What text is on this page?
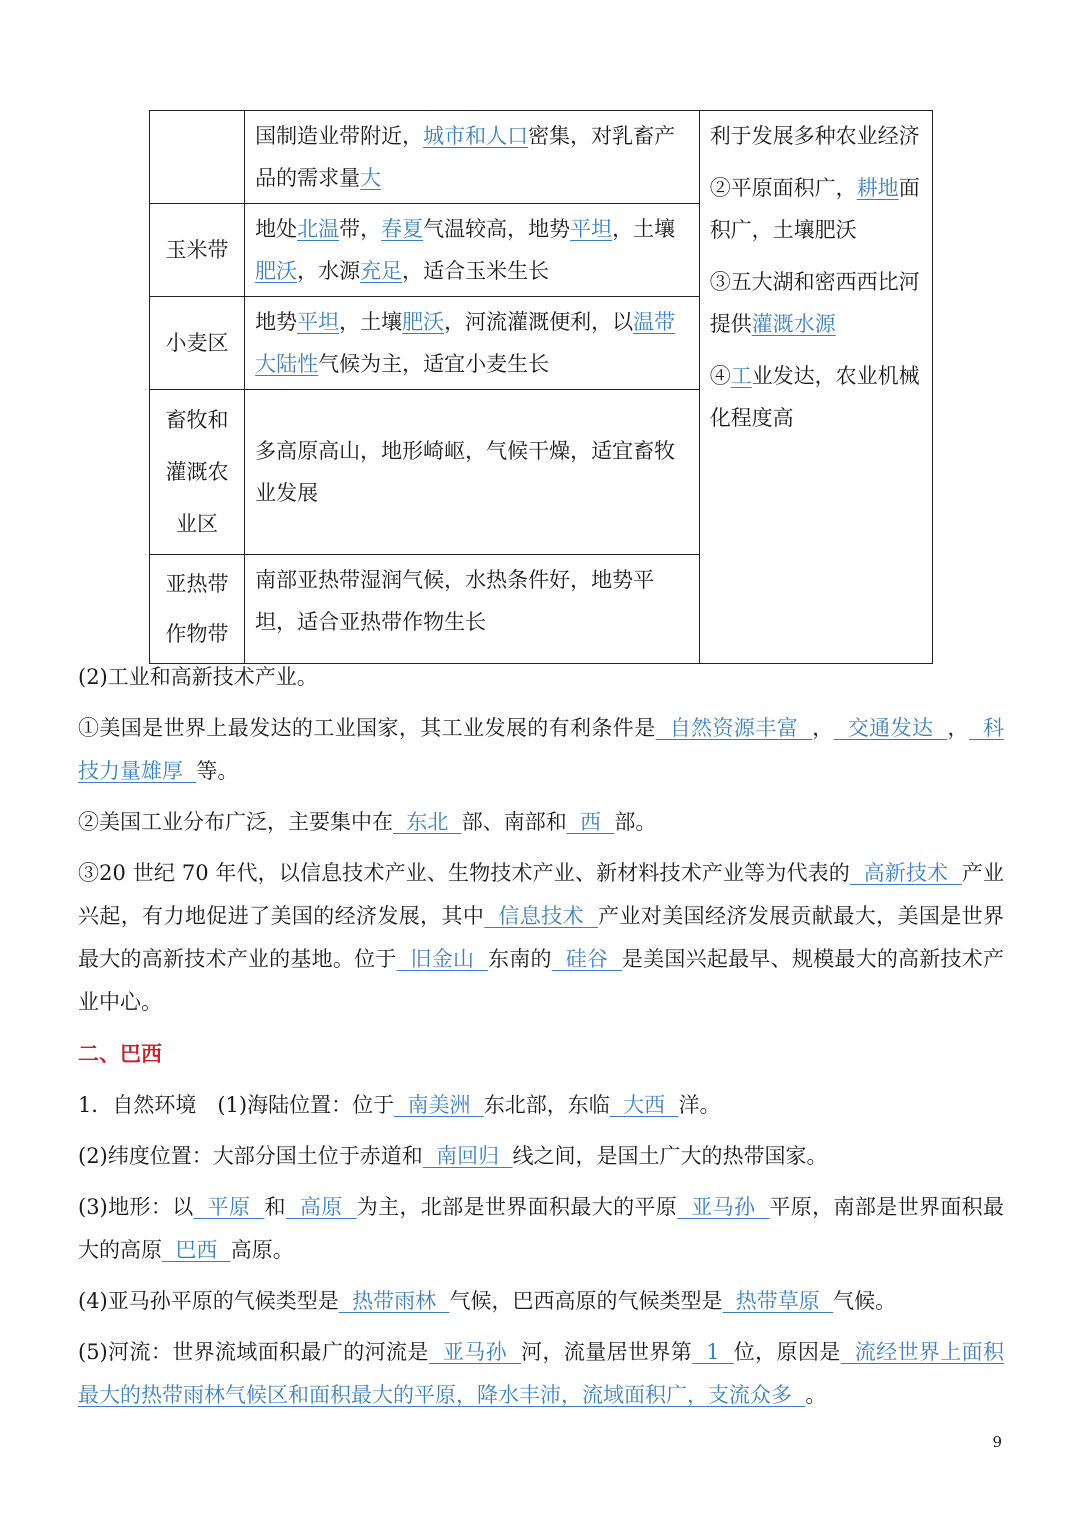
	国制造业带附近，城市和人口密集，对乳畜产品的需求量大	利于发展多种农业经济

②平原面积广，耕地面积广，土壤肥沃

③五大湖和密西西比河提供灌溉水源

④工业发达，农业机械化程度高

玉米带	地处北温带，春夏气温较高，地势平坦，土壤肥沃，水源充足，适合玉米生长	
小麦区	地势平坦，土壤肥沃，河流灌溉便利，以温带大陆性气候为主，适宜小麦生长	
畜牧和灌溉农业区	多高原高山，地形崎岖，气候干燥，适宜畜牧业发展	
亚热带作物带	南部亚热带湿润气候，水热条件好，地势平坦，适合亚热带作物生长	

(2)工业和高新技术产业。

①美国是世界上最发达的工业国家，其工业发展的有利条件是  自然资源丰富  ，  交通发达  ，  科技力量雄厚  等。

②美国工业分布广泛，主要集中在  东北  部、南部和  西  部。

③20 世纪 70 年代，以信息技术产业、生物技术产业、新材料技术产业等为代表的  高新技术  产业兴起，有力地促进了美国的经济发展，其中  信息技术  产业对美国经济发展贡献最大，美国是世界最大的高新技术产业的基地。位于  旧金山  东南的  硅谷  是美国兴起最早、规模最大的高新技术产业中心。

二、巴西

1．自然环境　(1)海陆位置：位于  南美洲  东北部，东临  大西  洋。

(2)纬度位置：大部分国土位于赤道和  南回归  线之间，是国土广大的热带国家。

(3)地形：以  平原  和  高原  为主，北部是世界面积最大的平原  亚马孙  平原，南部是世界面积最大的高原  巴西  高原。

(4)亚马孙平原的气候类型是  热带雨林  气候，巴西高原的气候类型是  热带草原  气候。

(5)河流：世界流域面积最广的河流是  亚马孙  河，流量居世界第  1  位，原因是  流经世界上面积最大的热带雨林气候区和面积最大的平原，降水丰沛，流域面积广，支流众多  。

9
